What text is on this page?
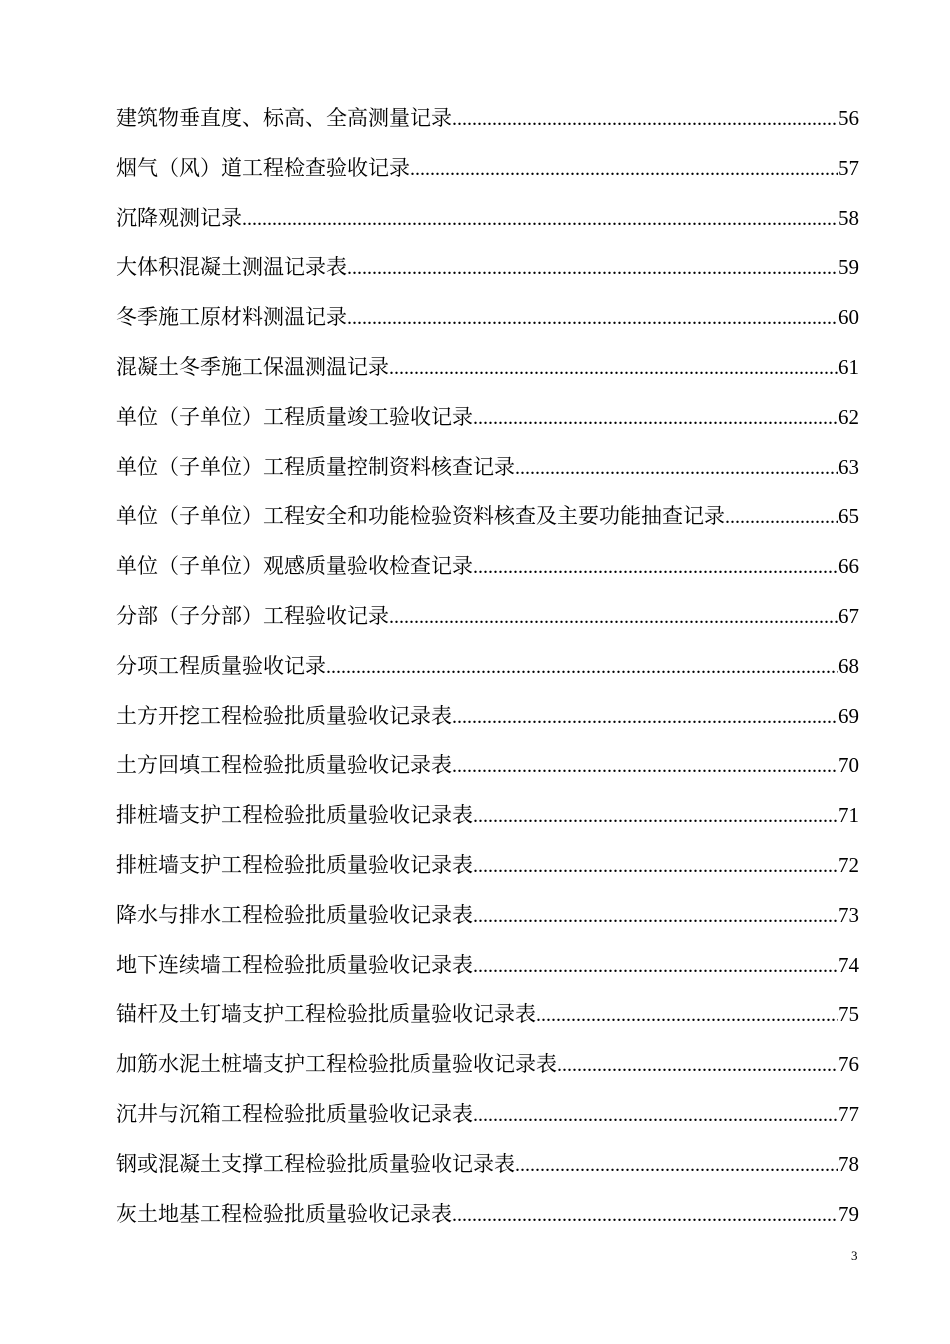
建筑物垂直度、标高、全高测量记录 .....	56
烟气（风）道工程检查验收记录 .....	57
沉降观测记录 .....	58
大体积混凝土测温记录表 .....	59
冬季施工原材料测温记录 .....	60
混凝土冬季施工保温测温记录 .....	61
单位（子单位）工程质量竣工验收记录 .....	62
单位（子单位）工程质量控制资料核查记录 .....	63
单位（子单位）工程安全和功能检验资料核查及主要功能抽查记录 .....	65
单位（子单位）观感质量验收检查记录 .....	66
分部（子分部）工程验收记录 .....	67
分项工程质量验收记录 .....	68
土方开挖工程检验批质量验收记录表 .....	69
土方回填工程检验批质量验收记录表 .....	70
排桩墙支护工程检验批质量验收记录表 .....	71
排桩墙支护工程检验批质量验收记录表 .....	72
降水与排水工程检验批质量验收记录表 .....	73
地下连续墙工程检验批质量验收记录表 .....	74
锚杆及土钉墙支护工程检验批质量验收记录表 .....	75
加筋水泥土桩墙支护工程检验批质量验收记录表 .....	76
沉井与沉箱工程检验批质量验收记录表 .....	77
钢或混凝土支撑工程检验批质量验收记录表 .....	78
灰土地基工程检验批质量验收记录表 .....	79
3
